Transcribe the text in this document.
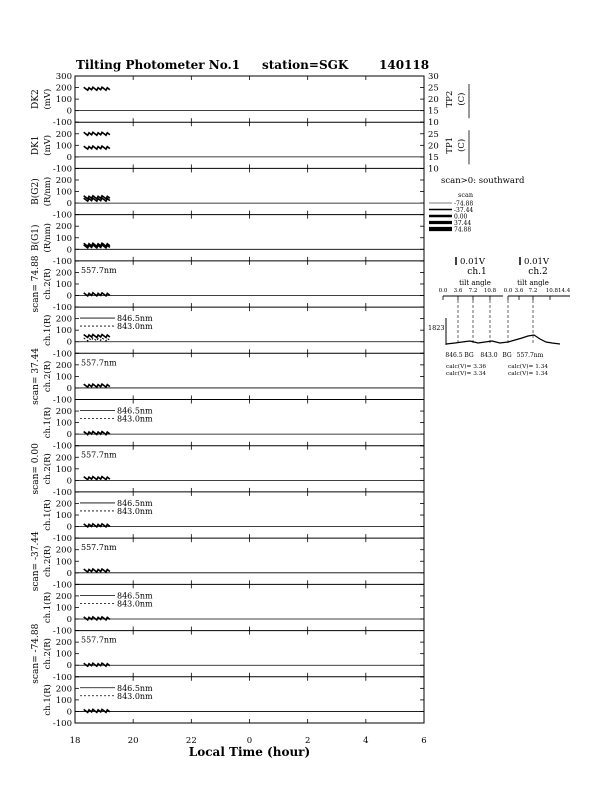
Tilting Photometer No.1 station=SGK	140118
-100
0
100
200
300
DK2 (mV)
-100
0
100
200
DK1 (mV)
-100
0
100
200
B(G2) (R/nm)
-100
0
100
200
B(G1) (R/nm)
-100
0
100
200
scan= 74.88 ch.2(R)	557.7nm
-100
0
100
200
ch.1(R)	846.5nm
843.0nm
-100
0
100
200
scan= 37.44 ch.2(R)	557.7nm
-100
0
100
200
ch.1(R)	846.5nm
843.0nm
-100
0
100
200
scan= 0.00 ch.2(R)	557.7nm
-100
0
100
200
ch.1(R)	846.5nm
843.0nm
-100
0
100
200
scan= -37.44 ch.2(R)	557.7nm
-100
0
100
200
ch.1(R)	846.5nm
843.0nm
-100
0
100
200
scan= -74.88 ch.2(R)	557.7nm
-100
0
100
200
ch.1(R)	846.5nm
843.0nm
18	20	22	0	2	4	6
Local Time (hour)
10
15
20
25
30
TP2 (C)
10
15
20
25
TP1 (C)
scan>0: southward
scan
-74.88
-37.44
0.00
37.44
74.88
0.01V	0.01V
ch.1	ch.2
tilt angle	tilt angle
0.0 3.6 7.2 10.8 0.0 3.6 7.2 10.814.4
1823
846.5 BG 843.0 BG 557.7nm
calc(V)= 3.36
calc(V)= 3.34
calc(V)= 1.34
calc(V)= 1.34
